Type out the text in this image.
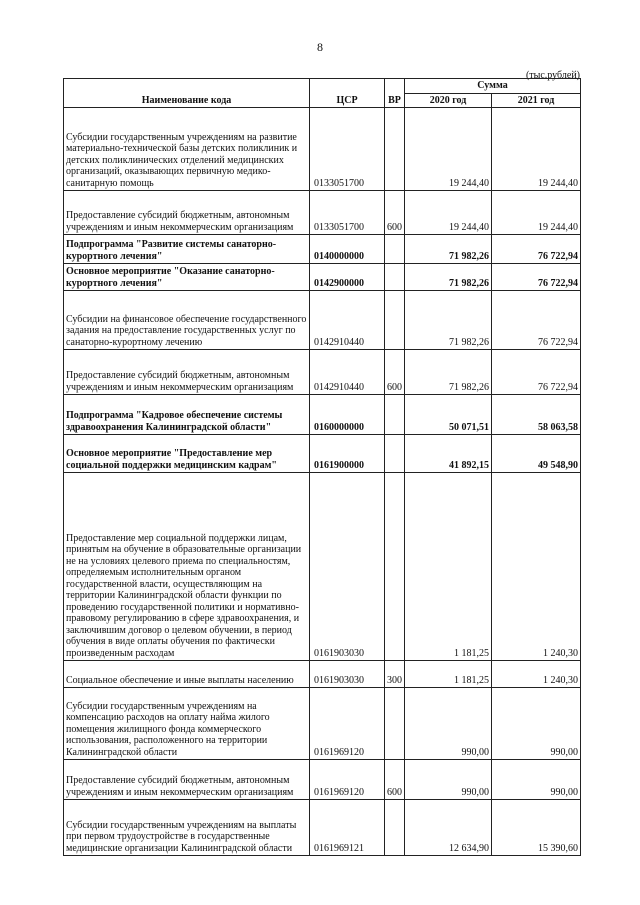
8
(тыс.рублей)
Наименование кода	ЦСР	ВР	Сумма	
			2020 год	2021 год
Субсидии государственным учреждениям на развитие материально-технической базы детских поликлиник и детских поликлинических отделений медицинских организаций, оказывающих первичную медико-санитарную помощь	0133051700		19 244,40	19 244,40
Предоставление субсидий бюджетным, автономным учреждениям и иным некоммерческим организациям	0133051700	600	19 244,40	19 244,40
Подпрограмма "Развитие системы санаторно-курортного лечения"	0140000000		71 982,26	76 722,94
Основное мероприятие "Оказание санаторно-курортного лечения"	0142900000		71 982,26	76 722,94
Субсидии на финансовое обеспечение государственного задания на предоставление государственных услуг по санаторно-курортному лечению	0142910440		71 982,26	76 722,94
Предоставление субсидий бюджетным, автономным учреждениям и иным некоммерческим организациям	0142910440	600	71 982,26	76 722,94
Подпрограмма "Кадровое обеспечение системы здравоохранения Калининградской области"	0160000000		50 071,51	58 063,58
Основное мероприятие "Предоставление мер социальной поддержки медицинским кадрам"	0161900000		41 892,15	49 548,90
Предоставление мер социальной поддержки лицам, принятым на обучение в образовательные организации не на условиях целевого приема по специальностям, определяемым исполнительным органом государственной власти, осуществляющим на территории Калининградской области функции по проведению государственной политики и нормативно-правовому регулированию в сфере здравоохранения, и заключившим договор о целевом обучении, в период обучения в виде оплаты обучения по фактически произведенным расходам	0161903030		1 181,25	1 240,30
Социальное обеспечение и иные выплаты населению	0161903030	300	1 181,25	1 240,30
Субсидии государственным учреждениям на компенсацию расходов на оплату найма жилого помещения жилищного фонда коммерческого использования, расположенного на территории Калининградской области	0161969120		990,00	990,00
Предоставление субсидий бюджетным, автономным учреждениям и иным некоммерческим организациям	0161969120	600	990,00	990,00
Субсидии государственным учреждениям на выплаты при первом трудоустройстве в государственные медицинские организации Калининградской области	0161969121		12 634,90	15 390,60
